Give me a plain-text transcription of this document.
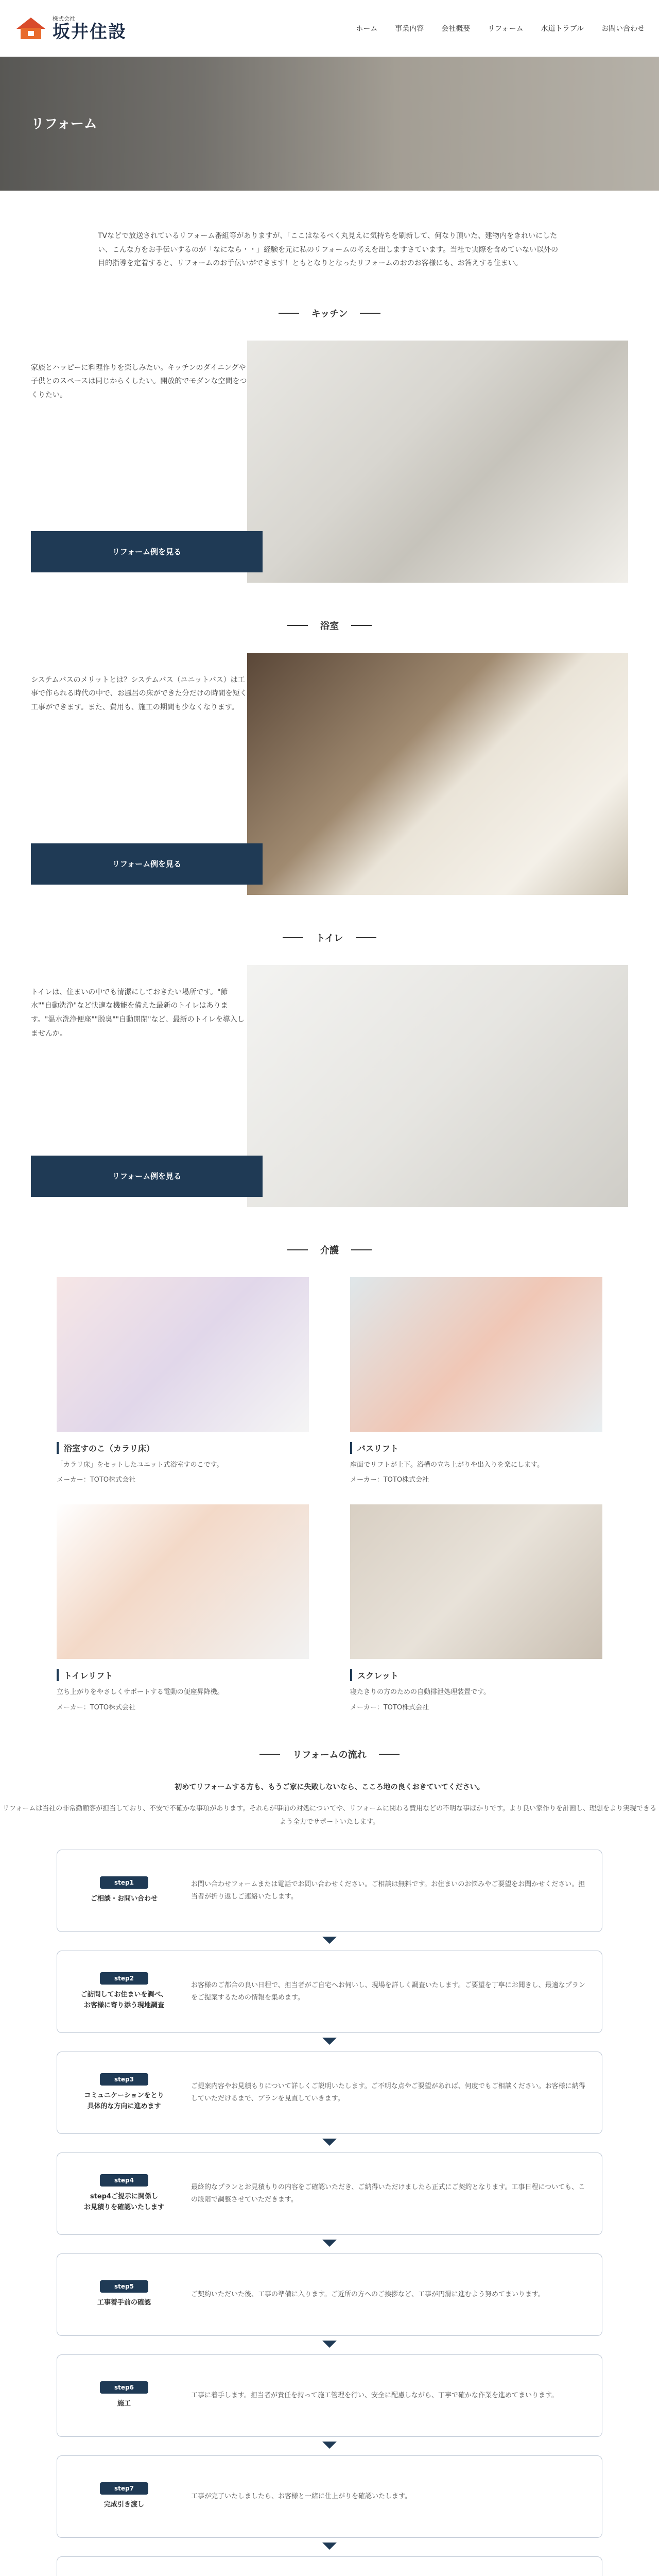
株式会社
坂井住設	ホーム 事業内容 会社概要 リフォーム 水道トラブル お問い合わせ
リフォーム

TVなどで放送されているリフォーム番組等がありますが、「ここはなるべく丸見えに気持ちを刷新して、何なり頂いた、建物内をきれいにしたい、こんな方をお手伝いするのが「なになら・・」経験を元に私のリフォームの考えを出しますさています。当社で実際を含めていない以外の目的指導を定着すると、リフォームのお手伝いができます！ともとなりとなったリフォームのおのお客様にも、お答えする住まい。

キッチン

家族とハッピーに料理作りを楽しみたい。キッチンのダイニングや子供とのスペースは同じからくしたい。開放的でモダンな空間をつくりたい。

リフォーム例を見る
浴室

システムバスのメリットとは？システムバス（ユニットバス）は工事で作られる時代の中で、お風呂の床ができた分だけの時間を短く工事ができます。また、費用も、施工の期間も少なくなります。

リフォーム例を見る
トイレ

トイレは、住まいの中でも清潔にしておきたい場所です。"節水""自動洗浄"など快適な機能を備えた最新のトイレはあります。"温水洗浄便座""脱臭""自動開閉"など、最新のトイレを導入しませんか。

リフォーム例を見る
介護
浴室すのこ（カラリ床）
「カラリ床」をセットしたユニット式浴室すのこです。
メーカー：TOTO株式会社
バスリフト
座面でリフトが上下。浴槽の立ち上がりや出入りを楽にします。
メーカー：TOTO株式会社
トイレリフト
立ち上がりをやさしくサポートする電動の便座昇降機。
メーカー：TOTO株式会社
スクレット
寝たきりの方のための自動排泄処理装置です。
メーカー：TOTO株式会社
リフォームの流れ

初めてリフォームする方も、もうご家に失敗しないなら、こころ地の良くおきていてください。

リフォームは当社の非常勤顧客が担当しており、不安で不確かな事項があります。それらが事前の対処についてや、リフォームに関わる費用などの不明な事ばかりです。より良い家作りを計画し、理想をより実現できるよう全力でサポートいたします。

step1
ご相談・お問い合わせ

お問い合わせフォームまたは電話でお問い合わせください。ご相談は無料です。お住まいのお悩みやご要望をお聞かせください。担当者が折り返しご連絡いたします。

step2
ご訪問してお住まいを調べ、
お客様に寄り添う現地調査

お客様のご都合の良い日程で、担当者がご自宅へお伺いし、現場を詳しく調査いたします。ご要望を丁寧にお聞きし、最適なプランをご提案するための情報を集めます。

step3
コミュニケーションをとり
具体的な方向に進めます

ご提案内容やお見積もりについて詳しくご説明いたします。ご不明な点やご要望があれば、何度でもご相談ください。お客様に納得していただけるまで、プランを見直していきます。

step4
step4ご提示に関係し
お見積りを確認いたします

最終的なプランとお見積もりの内容をご確認いただき、ご納得いただけましたら正式にご契約となります。工事日程についても、この段階で調整させていただきます。

step5
工事着手前の確認

ご契約いただいた後、工事の準備に入ります。ご近所の方へのご挨拶など、工事が円滑に進むよう努めてまいります。

step6
施工

工事に着手します。担当者が責任を持って施工管理を行い、安全に配慮しながら、丁寧で確かな作業を進めてまいります。

step7
完成引き渡し

工事が完了いたしましたら、お客様と一緒に仕上がりを確認いたします。
